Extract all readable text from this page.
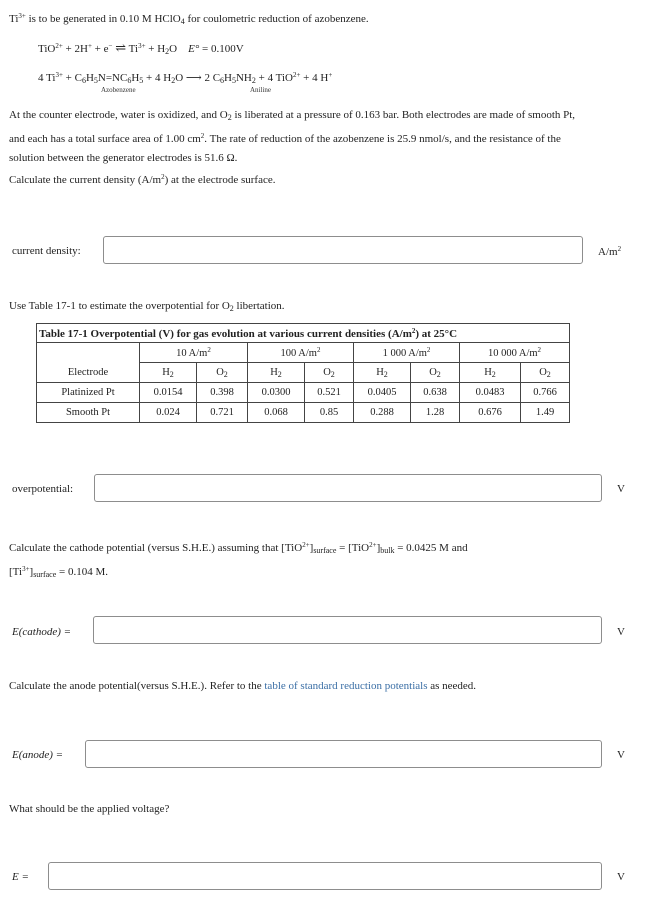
$Ti^{3+}$ is to be generated in 0.10 M HClO$_4$ for coulometric reduction of azobenzene.
TiO$^{2+}$ + 2H+ + e− ⇌ $Ti^{3+} + H_2O$ E° = 0.100V
4 $Ti^{3+} + C_6H_5N=NC_6H_5 + 4$ $H_2O$ ⟶ 2 $C_6H_5NH_2 + 4$ TiO$^{2+}$ + 4 H+
Azobenzene	Aniline
At the counter electrode, water is oxidized, and $O_2$ is liberated at a pressure of 0.163 bar. Both electrodes are made of smooth Pt,
and each has a total surface area of 1.00 $cm^2$. The rate of reduction of the azobenzene is 25.9 nmol/s, and the resistance of the
solution between the generator electrodes is 51.6 Ω.
Calculate the current density $(A/m^2)$ at the electrode surface.
current density:	$A/m^2$
Use Table 17-1 to estimate the overpotential for $O_2$ libertation.
Table 17-1 Overpotential (V) for gas evolution at various current densities $(A/m^2)$ at 25°C								
	10 $A/m^2$		100 $A/m^2$		1 000 $A/m^2$		10 000 $A/m^2$
Electrode	$H_2$	$O_2$	$H_2$	$O_2$	$H_2$	$O_2$	$H_2$	$O_2$
Platinized Pt	0.0154	0.398	0.0300	0.521	0.0405	0.638	0.0483	0.766
Smooth Pt	0.024	0.721	0.068	0.85	0.288	1.28	0.676	1.49
overpotential:	V
Calculate the cathode potential (versus S.H.E.) assuming that $[TiO^{2+}]_{surface} = [TiO^{2+}]_{bulk} = 0.0425$ M and
$[Ti^{3+}]_{surface} = 0.104$ M.
E(cathode) =	V
Calculate the anode potential(versus S.H.E.). Refer to the table of standard reduction potentials as needed.
E(anode) =	V
What should be the applied voltage?
E =	V
